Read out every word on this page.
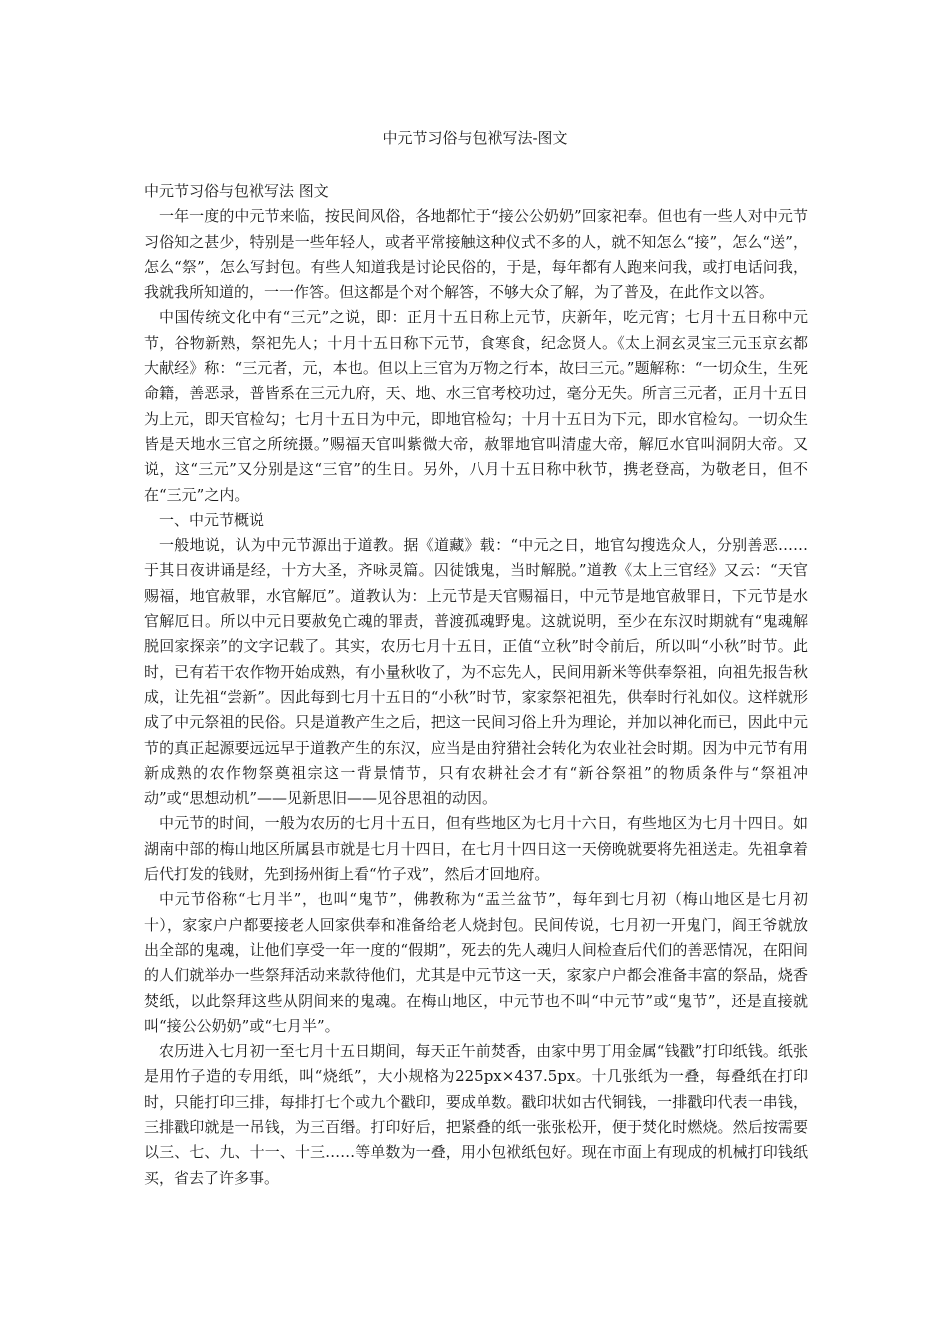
中元节习俗与包袱写法-图文

中元节习俗与包袱写法 图文

一年一度的中元节来临，按民间风俗，各地都忙于“接公公奶奶”回家祀奉。但也有一些人对中元节习俗知之甚少，特别是一些年轻人，或者平常接触这种仪式不多的人，就不知怎么“接”，怎么“送”，怎么“祭”，怎么写封包。有些人知道我是讨论民俗的，于是，每年都有人跑来问我，或打电话问我，我就我所知道的，一一作答。但这都是个对个解答，不够大众了解，为了普及，在此作文以答。

中国传统文化中有“三元”之说，即：正月十五日称上元节，庆新年，吃元宵；七月十五日称中元节，谷物新熟，祭祀先人；十月十五日称下元节，食寒食，纪念贤人。《太上洞玄灵宝三元玉京玄都大献经》称：“三元者，元，本也。但以上三官为万物之行本，故曰三元。”题解称：“一切众生，生死命籍，善恶录，普皆系在三元九府，天、地、水三官考校功过，毫分无失。所言三元者，正月十五日为上元，即天官检勾；七月十五日为中元，即地官检勾；十月十五日为下元，即水官检勾。一切众生皆是天地水三官之所统摄。”赐福天官叫紫微大帝，赦罪地官叫清虚大帝，解厄水官叫洞阴大帝。又说，这“三元”又分别是这“三官”的生日。另外，八月十五日称中秋节，携老登高，为敬老日，但不在“三元”之内。

一、中元节概说

一般地说，认为中元节源出于道教。据《道藏》载：“中元之日，地官勾搜选众人，分别善恶……于其日夜讲诵是经，十方大圣，齐咏灵篇。囚徒饿鬼，当时解脱。”道教《太上三官经》又云：“天官赐福，地官赦罪，水官解厄”。道教认为：上元节是天官赐福日，中元节是地官赦罪日，下元节是水官解厄日。所以中元日要赦免亡魂的罪责，普渡孤魂野鬼。这就说明，至少在东汉时期就有“鬼魂解脱回家探亲”的文字记载了。其实，农历七月十五日，正值“立秋”时令前后，所以叫“小秋”时节。此时，已有若干农作物开始成熟，有小量秋收了，为不忘先人，民间用新米等供奉祭祖，向祖先报告秋成，让先祖“尝新”。因此每到七月十五日的“小秋”时节，家家祭祀祖先，供奉时行礼如仪。这样就形成了中元祭祖的民俗。只是道教产生之后，把这一民间习俗上升为理论，并加以神化而已，因此中元节的真正起源要远远早于道教产生的东汉，应当是由狩猎社会转化为农业社会时期。因为中元节有用新成熟的农作物祭奠祖宗这一背景情节，只有农耕社会才有“新谷祭祖”的物质条件与“祭祖冲动”或“思想动机”——见新思旧——见谷思祖的动因。

中元节的时间，一般为农历的七月十五日，但有些地区为七月十六日，有些地区为七月十四日。如湖南中部的梅山地区所属县市就是七月十四日，在七月十四日这一天傍晚就要将先祖送走。先祖拿着后代打发的钱财，先到扬州街上看“竹子戏”，然后才回地府。

中元节俗称“七月半”，也叫“鬼节”，佛教称为“盂兰盆节”，每年到七月初（梅山地区是七月初十），家家户户都要接老人回家供奉和准备给老人烧封包。民间传说，七月初一开鬼门，阎王爷就放出全部的鬼魂，让他们享受一年一度的“假期”，死去的先人魂归人间检查后代们的善恶情况，在阳间的人们就举办一些祭拜活动来款待他们，尤其是中元节这一天，家家户户都会准备丰富的祭品，烧香焚纸，以此祭拜这些从阴间来的鬼魂。在梅山地区，中元节也不叫“中元节”或“鬼节”，还是直接就叫“接公公奶奶”或“七月半”。

农历进入七月初一至七月十五日期间，每天正午前焚香，由家中男丁用金属“钱戳”打印纸钱。纸张是用竹子造的专用纸，叫“烧纸”，大小规格为225px×437.5px。十几张纸为一叠，每叠纸在打印时，只能打印三排，每排打七个或九个戳印，要成单数。戳印状如古代铜钱，一排戳印代表一串钱，三排戳印就是一吊钱，为三百缗。打印好后，把紧叠的纸一张张松开，便于焚化时燃烧。然后按需要以三、七、九、十一、十三……等单数为一叠，用小包袱纸包好。现在市面上有现成的机械打印钱纸买，省去了许多事。
